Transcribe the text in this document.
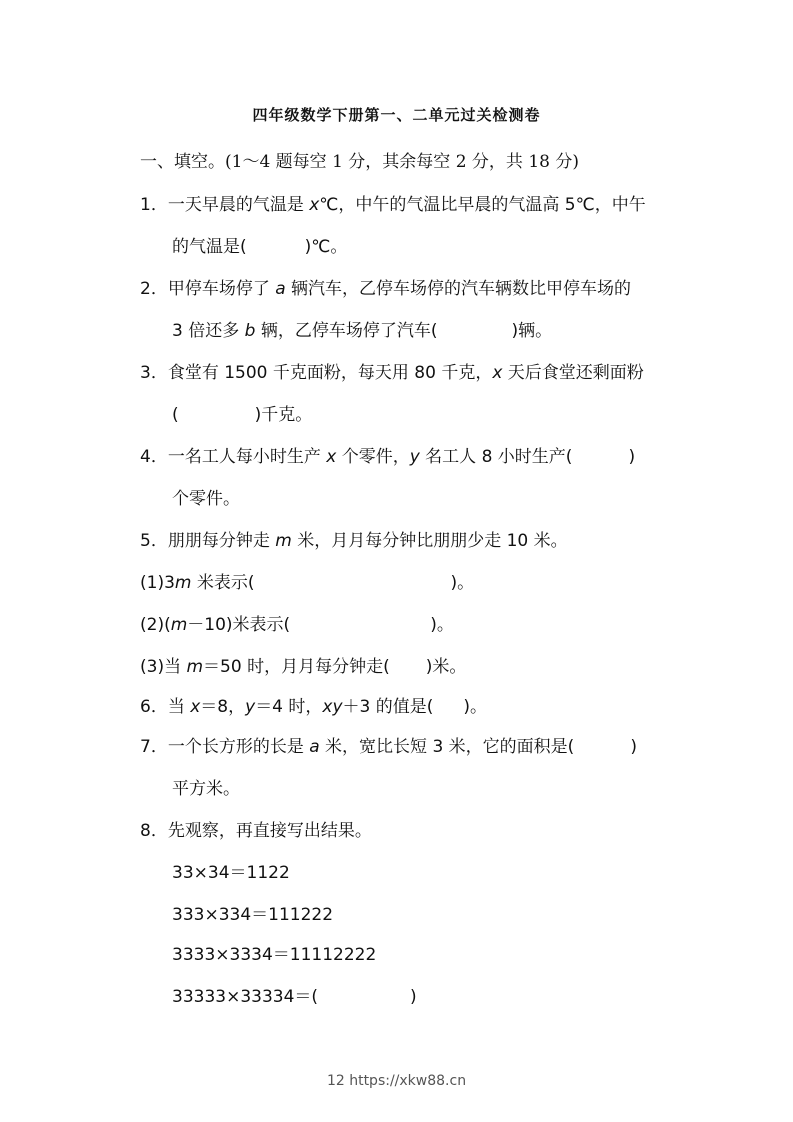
四年级数学下册第一、二单元过关检测卷
一、填空。(1～4 题每空 1 分，其余每空 2 分，共 18 分)
1．一天早晨的气温是 x℃，中午的气温比早晨的气温高 5℃，中午
的气温是(	)℃。
2．甲停车场停了 a 辆汽车，乙停车场停的汽车辆数比甲停车场的
3 倍还多 b 辆，乙停车场停了汽车(	)辆。
3．食堂有 1500 千克面粉，每天用 80 千克，x 天后食堂还剩面粉
(	)千克。
4．一名工人每小时生产 x 个零件，y 名工人 8 小时生产(	)
个零件。
5．朋朋每分钟走 m 米，月月每分钟比朋朋少走 10 米。
(1)3m 米表示(	)。
(2)(m－10)米表示(	)。
(3)当 m＝50 时，月月每分钟走( )米。
6．当 x＝8，y＝4 时，xy＋3 的值是( )。
7．一个长方形的长是 a 米，宽比长短 3 米，它的面积是(	)
平方米。
8．先观察，再直接写出结果。
33×34＝1122
333×334＝111222
3333×3334＝11112222
33333×33334＝(	)
12 https://xkw88.cn
